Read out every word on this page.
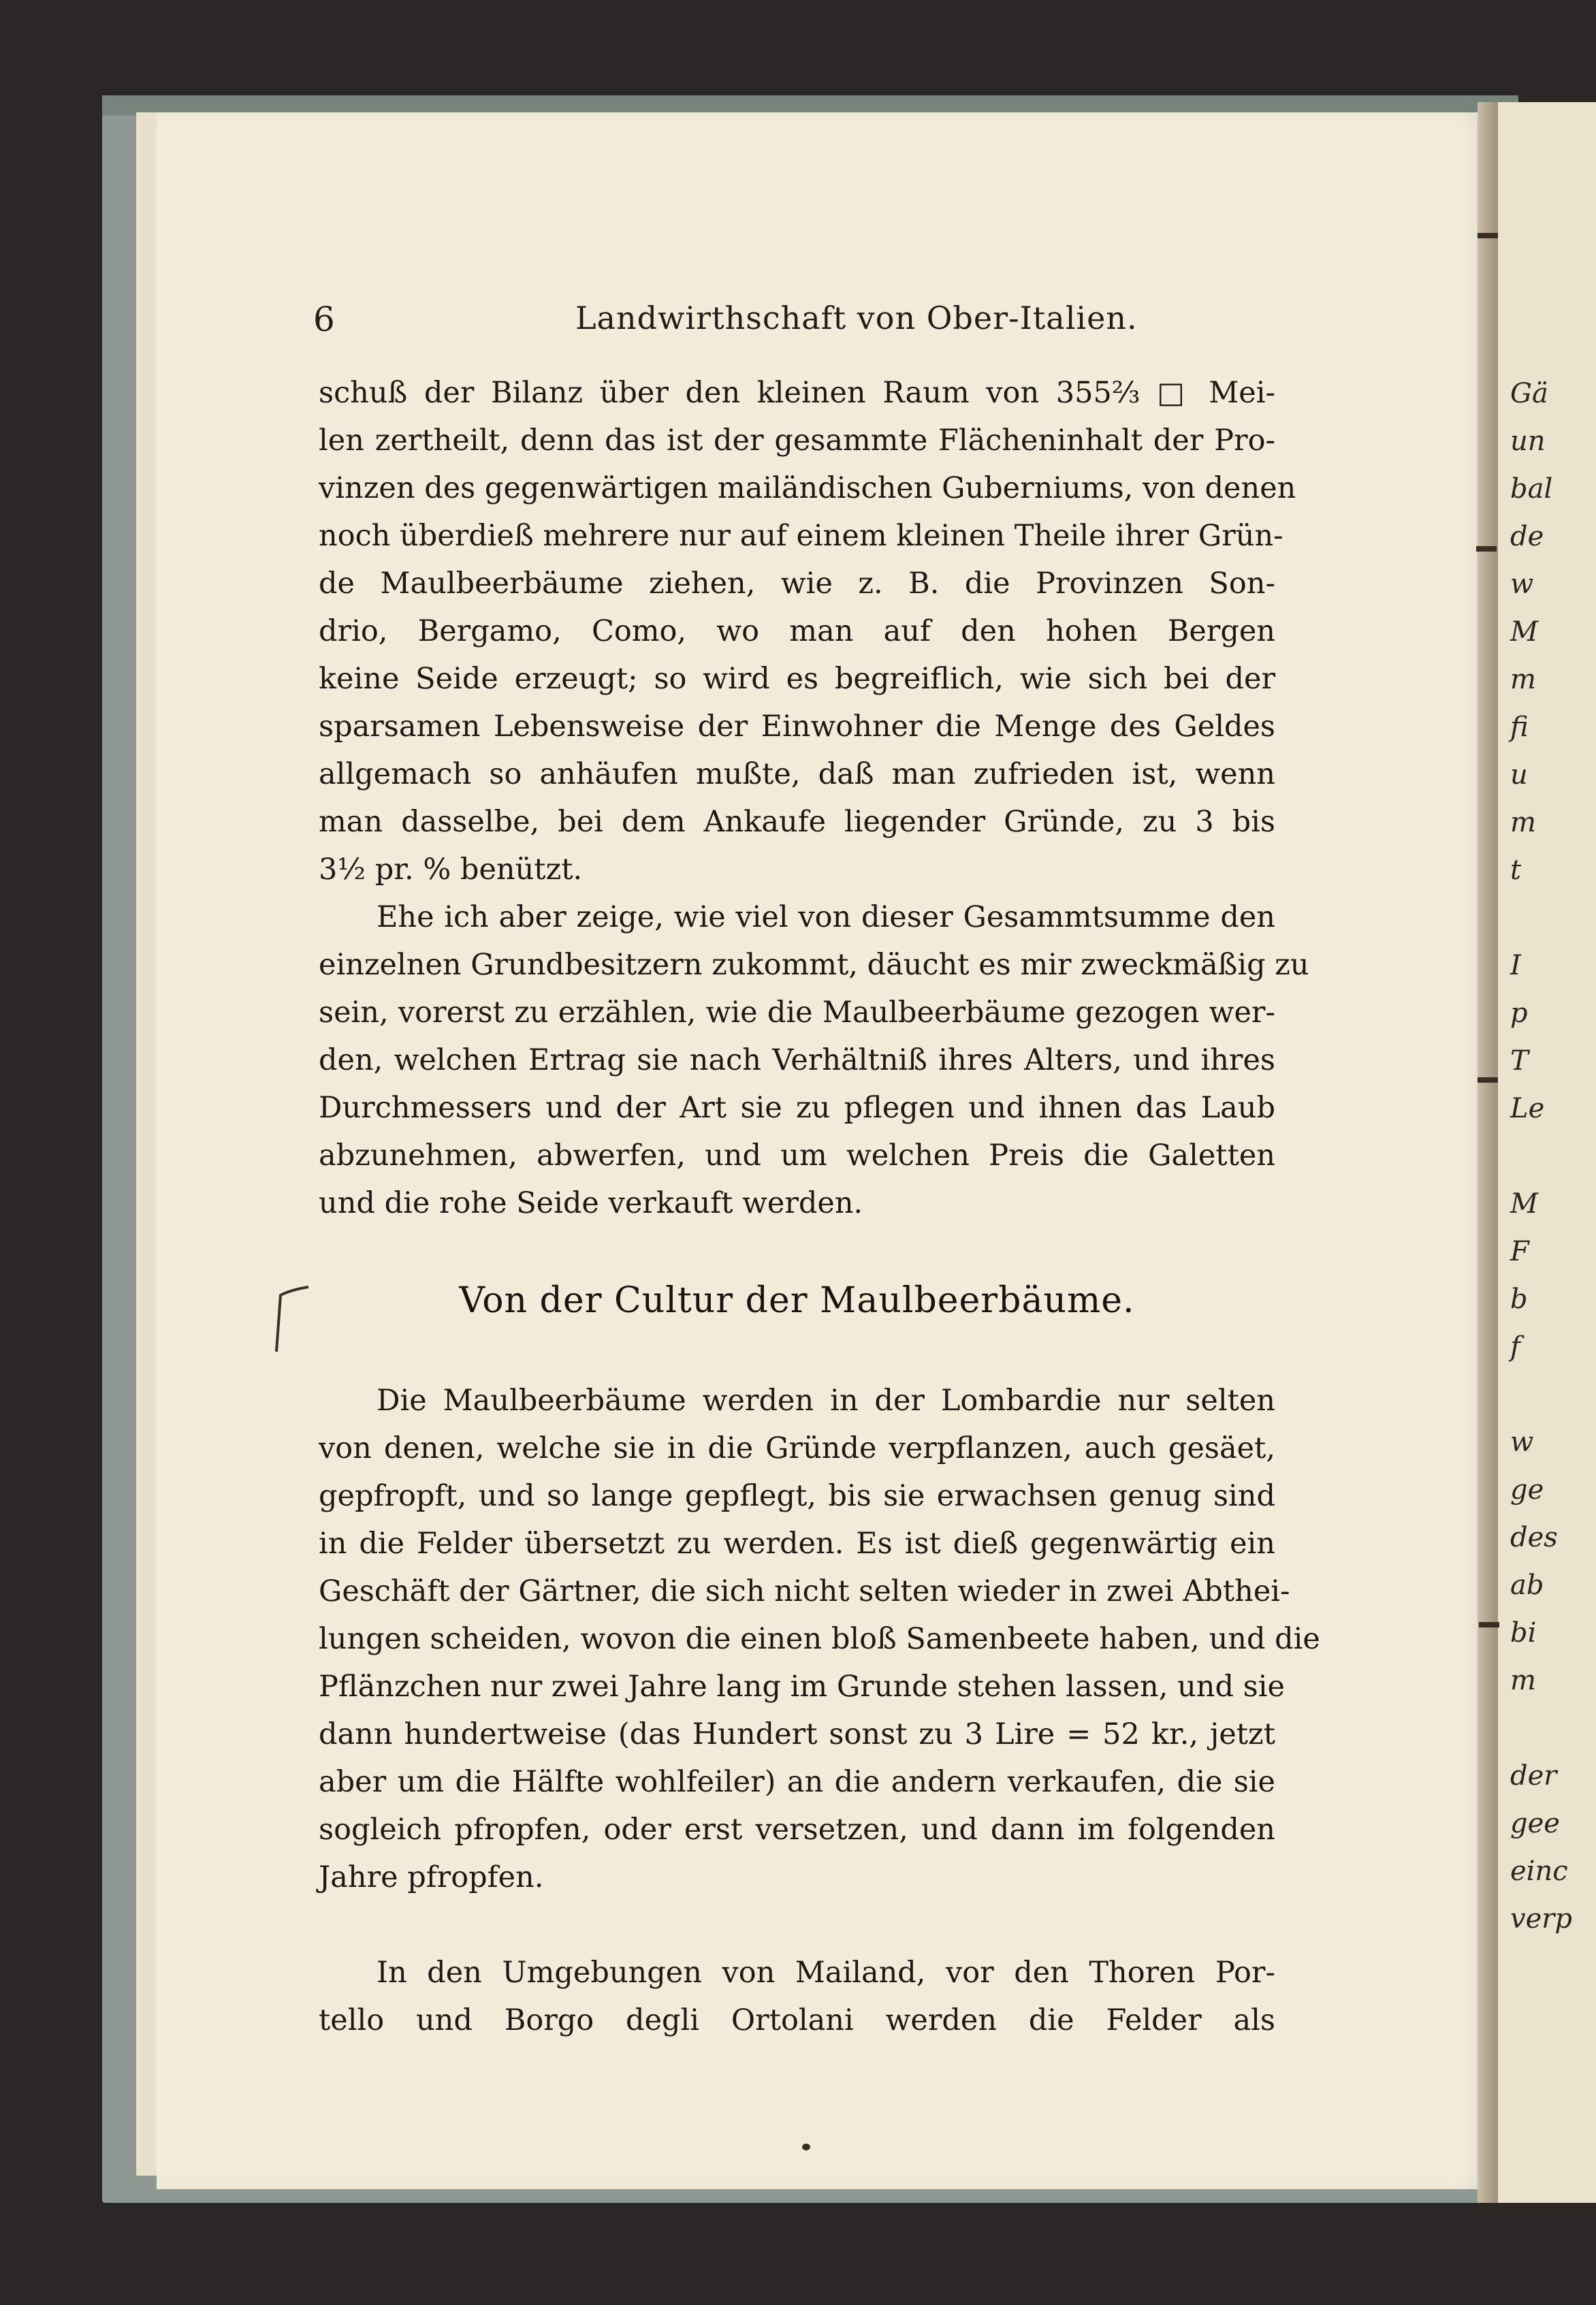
6	Landwirthschaft von Ober-Italien.
schuß der Bilanz über den kleinen Raum von 355⅔ □ Mei-
len zertheilt, denn das ist der gesammte Flächeninhalt der Pro-
vinzen des gegenwärtigen mailändischen Guberniums, von denen
noch überdieß mehrere nur auf einem kleinen Theile ihrer Grün-
de Maulbeerbäume ziehen, wie z. B. die Provinzen Son-
drio, Bergamo, Como, wo man auf den hohen Bergen
keine Seide erzeugt; so wird es begreiflich, wie sich bei der
sparsamen Lebensweise der Einwohner die Menge des Geldes
allgemach so anhäufen mußte, daß man zufrieden ist, wenn
man dasselbe, bei dem Ankaufe liegender Gründe, zu 3 bis
3½ pr. % benützt.
Ehe ich aber zeige, wie viel von dieser Gesammtsumme den
einzelnen Grundbesitzern zukommt, däucht es mir zweckmäßig zu
sein, vorerst zu erzählen, wie die Maulbeerbäume gezogen wer-
den, welchen Ertrag sie nach Verhältniß ihres Alters, und ihres
Durchmessers und der Art sie zu pflegen und ihnen das Laub
abzunehmen, abwerfen, und um welchen Preis die Galetten
und die rohe Seide verkauft werden.
Von der Cultur der Maulbeerbäume.
Die Maulbeerbäume werden in der Lombardie nur selten
von denen, welche sie in die Gründe verpflanzen, auch gesäet,
gepfropft, und so lange gepflegt, bis sie erwachsen genug sind
in die Felder übersetzt zu werden. Es ist dieß gegenwärtig ein
Geschäft der Gärtner, die sich nicht selten wieder in zwei Abthei-
lungen scheiden, wovon die einen bloß Samenbeete haben, und die
Pflänzchen nur zwei Jahre lang im Grunde stehen lassen, und sie
dann hundertweise (das Hundert sonst zu 3 Lire = 52 kr., jetzt
aber um die Hälfte wohlfeiler) an die andern verkaufen, die sie
sogleich pfropfen, oder erst versetzen, und dann im folgenden
Jahre pfropfen.
In den Umgebungen von Mailand, vor den Thoren Por-
tello und Borgo degli Ortolani werden die Felder als
Gä
un
bal
de
w
M
m
fi
u
m
t
I
p
T
Le
M
F
b
f
w
ge
des
ab
bi
m
der
gee
einc
verp
